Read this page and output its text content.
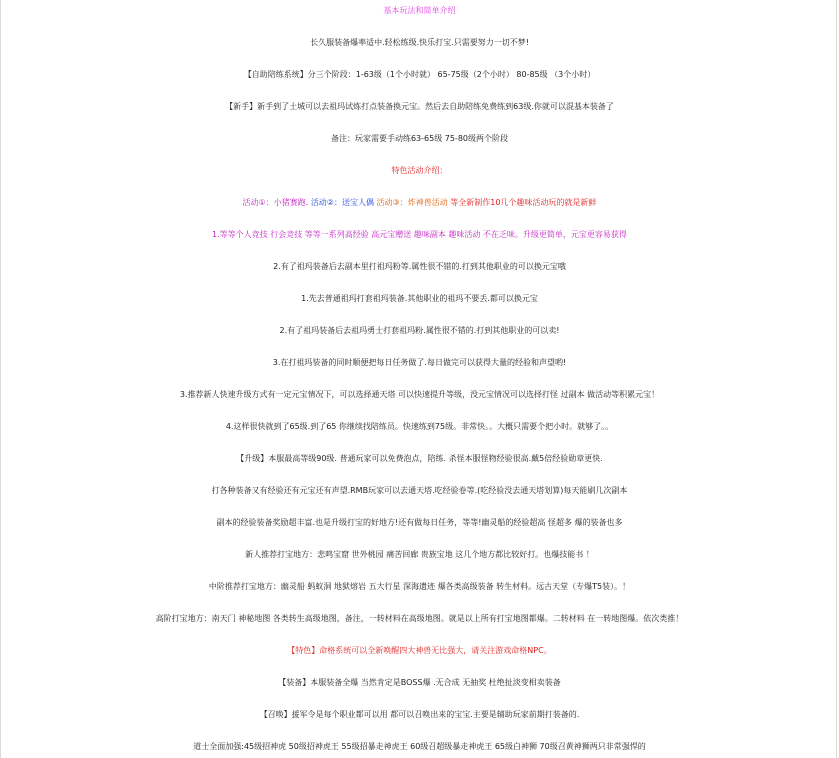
基本玩法和简单介绍
长久服装备爆率适中.轻松练级.快乐打宝.只需要努力一切不梦!
【自助陪练系统】分三个阶段：1-63级（1个小时就） 65-75级（2个小时） 80-85级 （3个小时）
【新手】新手到了土城可以去祖玛试炼打点装备换元宝。然后去自助陪练免费练到63级.你就可以混基本装备了
备注：玩家需要手动练63-65级 75-80级两个阶段
特色活动介绍：
活动①：小猪赛跑. 活动②：送宝人偶 活动③：炸神兽活动 等全新制作10几个趣味活动玩的就是新鲜
1.等等个人竞技 行会竞技 等等一系列高经验 高元宝赠送 趣味副本 趣味活动 不在乏味。升级更简单，元宝更容易获得
2.有了祖玛装备后去副本里打祖玛粉等.属性很不错的.打到其他职业的可以换元宝哦
1.先去普通祖玛打套祖玛装备.其他职业的祖玛不要丢.都可以换元宝
2.有了祖玛装备后去祖玛勇士打套祖玛粉.属性很不错的.打到其他职业的可以卖!
3.在打祖玛装备的同时顺便把每日任务做了.每日做完可以获得大量的经验和声望哟!
3.推荐新人快速升级方式有一定元宝情况下，可以选择通天塔 可以快速提升等级，没元宝情况可以选择打怪 过副本 做活动等积累元宝！
4.这样很快就到了65级.到了65 你继续找陪练员。快速练到75级。非常快。。大概只需要个把小时。就够了。。
【升级】本服最高等级90级. 普通玩家可以免费泡点，陪练. 杀怪本服怪物经验很高.戴5倍经验勋章更快.
打各种装备又有经验还有元宝还有声望.RMB玩家可以去通天塔.吃经验卷等.(吃经验没去通天塔划算)每天能刷几次副本
副本的经验装备奖励超丰富.也是升级打宝的好地方!还有做每日任务，等等!幽灵船的经验超高 怪超多 爆的装备也多
新人推荐打宝地方：悲鸣宝窟 世外桃园 痛苦回廊 贵族宝地 这几个地方都比较好打。也爆技能书 ！
中阶推荐打宝地方：幽灵船 蚂蚁洞 地狱熔岩 五大行星 深海遗迹 爆各类高级装备 转生材料。远古天堂（专爆T5装）。！
高阶打宝地方：南天门 神秘地图 各类转生高级地图，备注，一转材料在高级地图。就是以上所有打宝地图都爆。二转材料 在一转地图爆。依次类推！
【特色】命格系统可以全新唤醒四大神兽无比强大，请关注游戏命格NPC。
【装备】本服装备全爆 当然肯定是BOSS爆 .无合成 无抽奖 杜绝扯淡变相卖装备
【召唤】援军令是每个职业都可以用 都可以召唤出来的宝宝.主要是辅助玩家前期打装备的.
道士全面加强:45级招神虎 50级招神虎王 55级招暴走神虎王 60级召超级暴走神虎王 65级白神狮 70级召黄神狮两只非常强悍的
